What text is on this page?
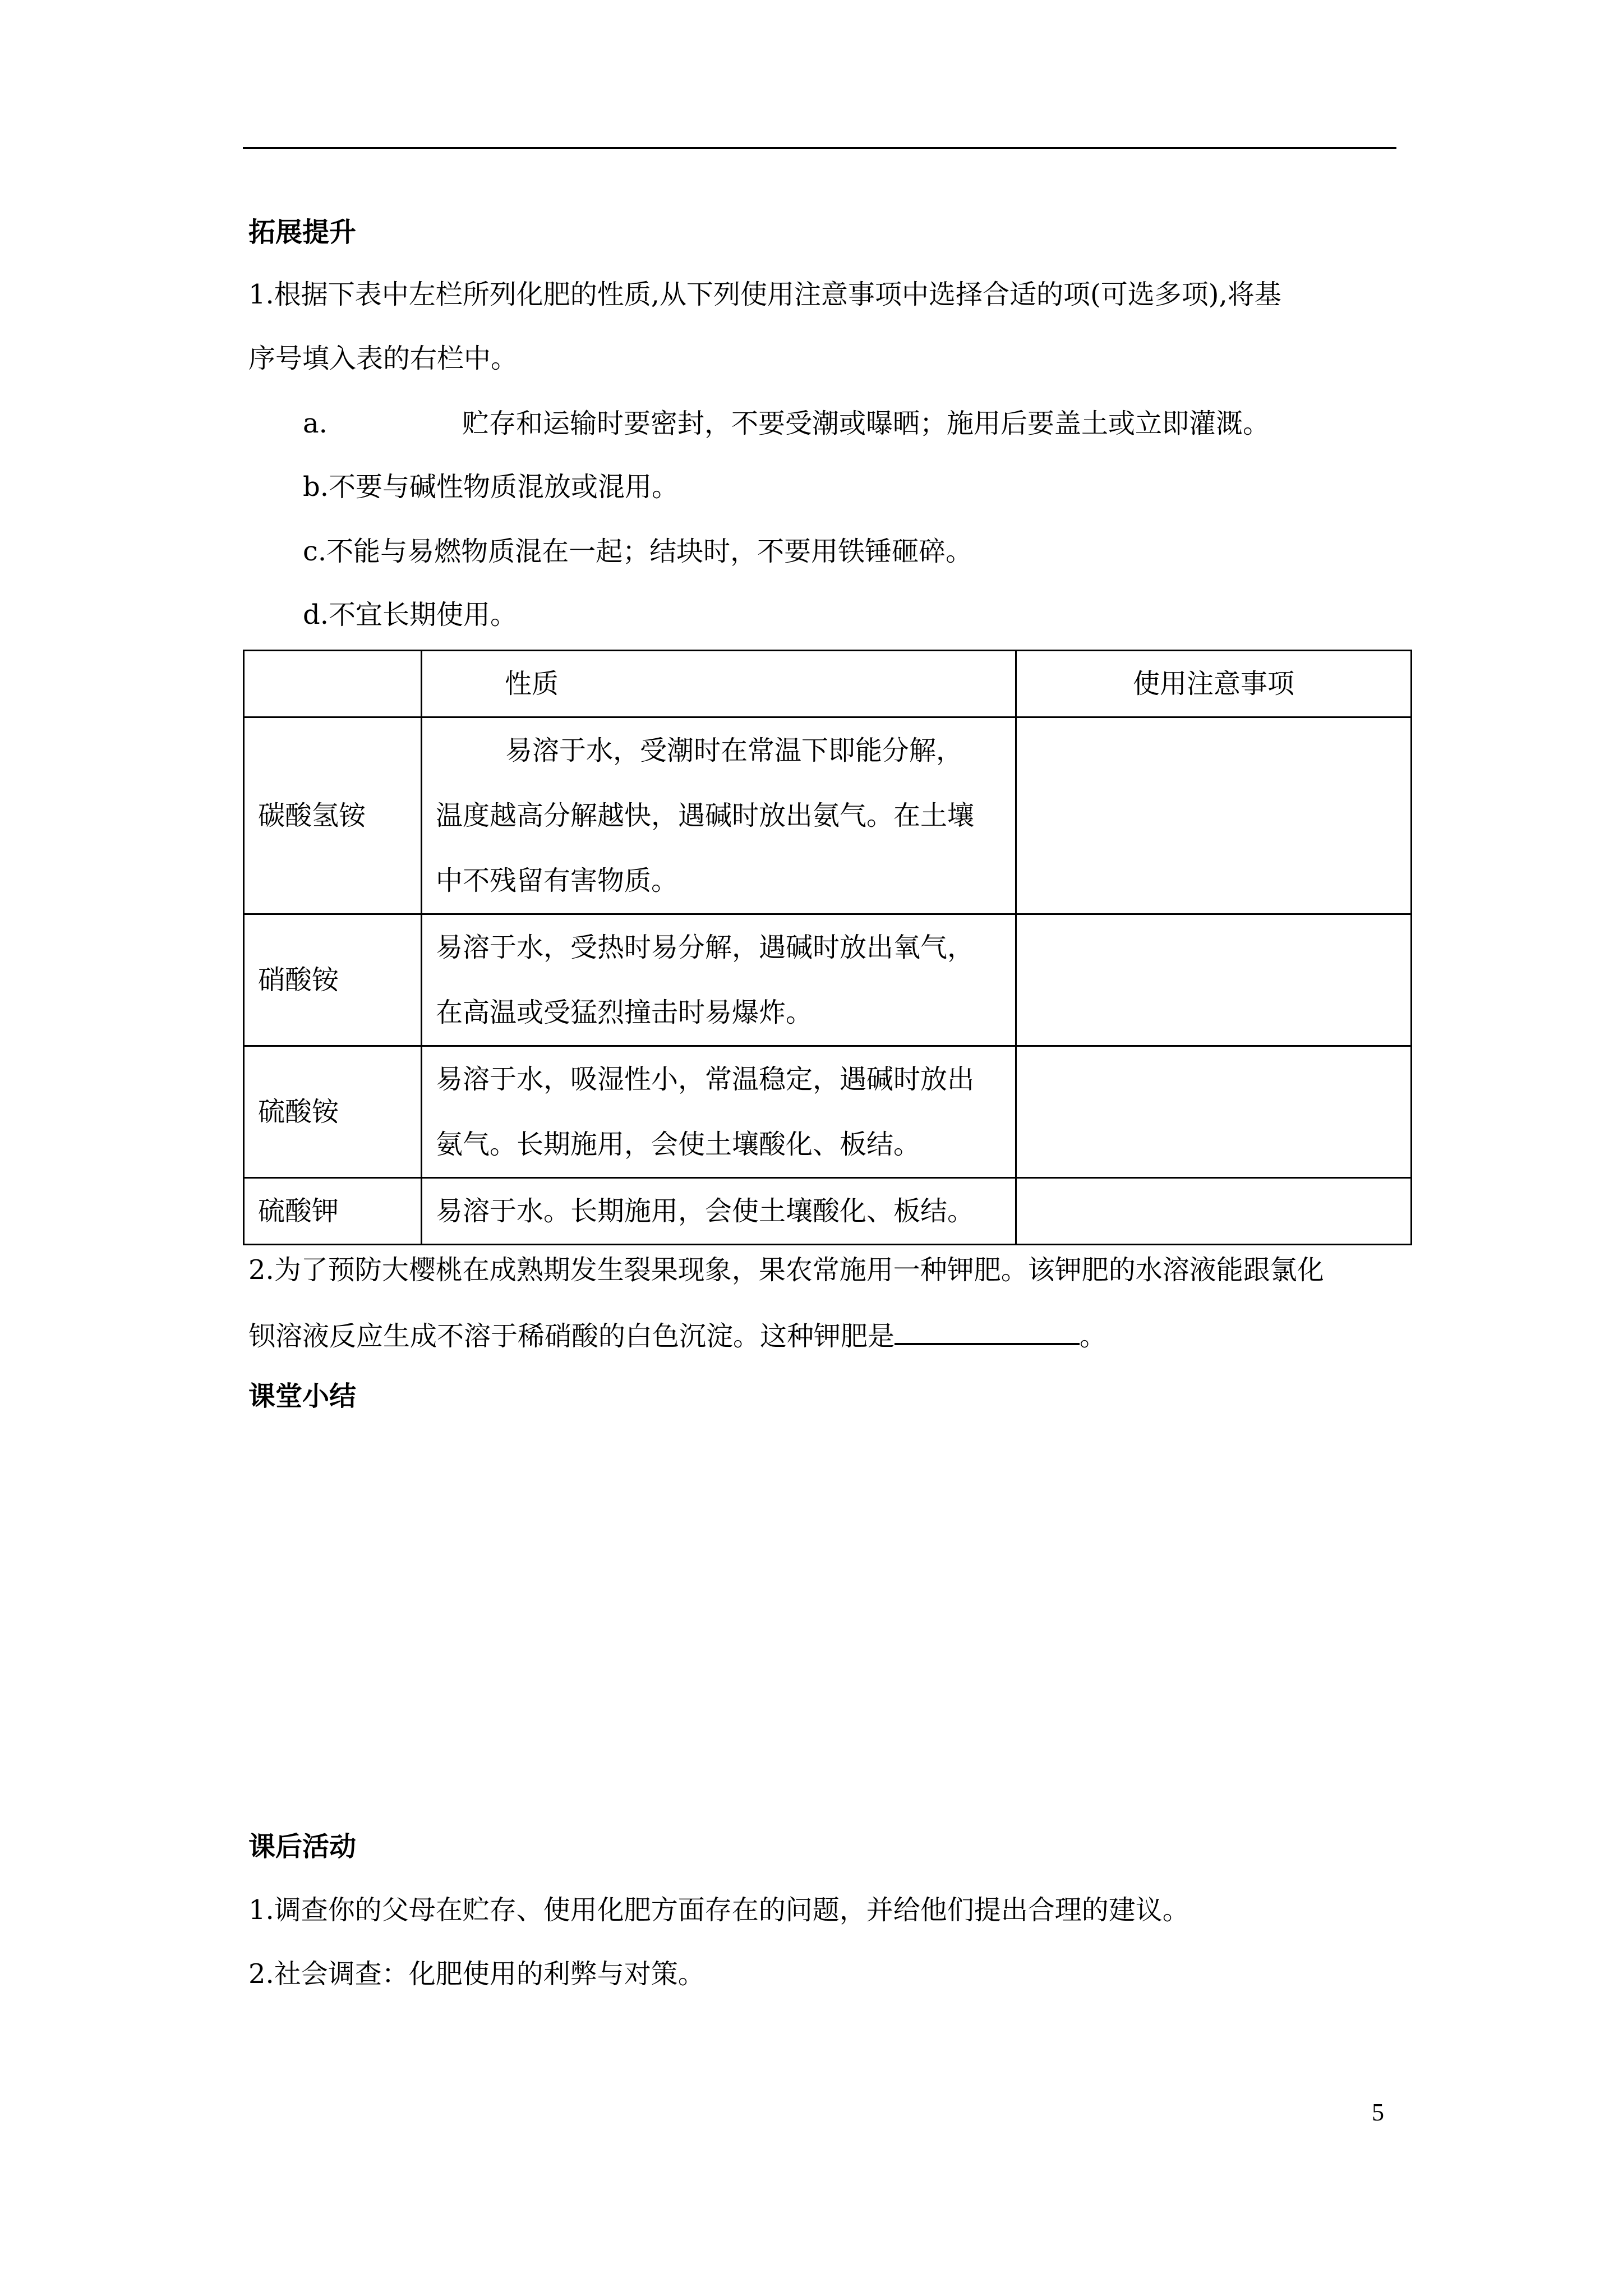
拓展提升
1.根据下表中左栏所列化肥的性质,从下列使用注意事项中选择合适的项(可选多项),将基
序号填入表的右栏中。
a.	贮存和运输时要密封，不要受潮或曝晒；施用后要盖土或立即灌溉。
b.不要与碱性物质混放或混用。
c.不能与易燃物质混在一起；结块时，不要用铁锤砸碎。
d.不宜长期使用。
	性质	使用注意事项
碳酸氢铵	易溶于水，受潮时在常温下即能分解，
温度越高分解越快，遇碱时放出氨气。在土壤
中不残留有害物质。	

硝酸铵	易溶于水，受热时易分解，遇碱时放出氧气，
在高温或受猛烈撞击时易爆炸。	

硫酸铵	易溶于水，吸湿性小，常温稳定，遇碱时放出
氨气。长期施用，会使土壤酸化、板结。	

硫酸钾	易溶于水。长期施用，会使土壤酸化、板结。	

2.为了预防大樱桃在成熟期发生裂果现象，果农常施用一种钾肥。该钾肥的水溶液能跟氯化
钡溶液反应生成不溶于稀硝酸的白色沉淀。这种钾肥是	。
课堂小结
课后活动
1.调查你的父母在贮存、使用化肥方面存在的问题，并给他们提出合理的建议。
2.社会调查：化肥使用的利弊与对策。
5
